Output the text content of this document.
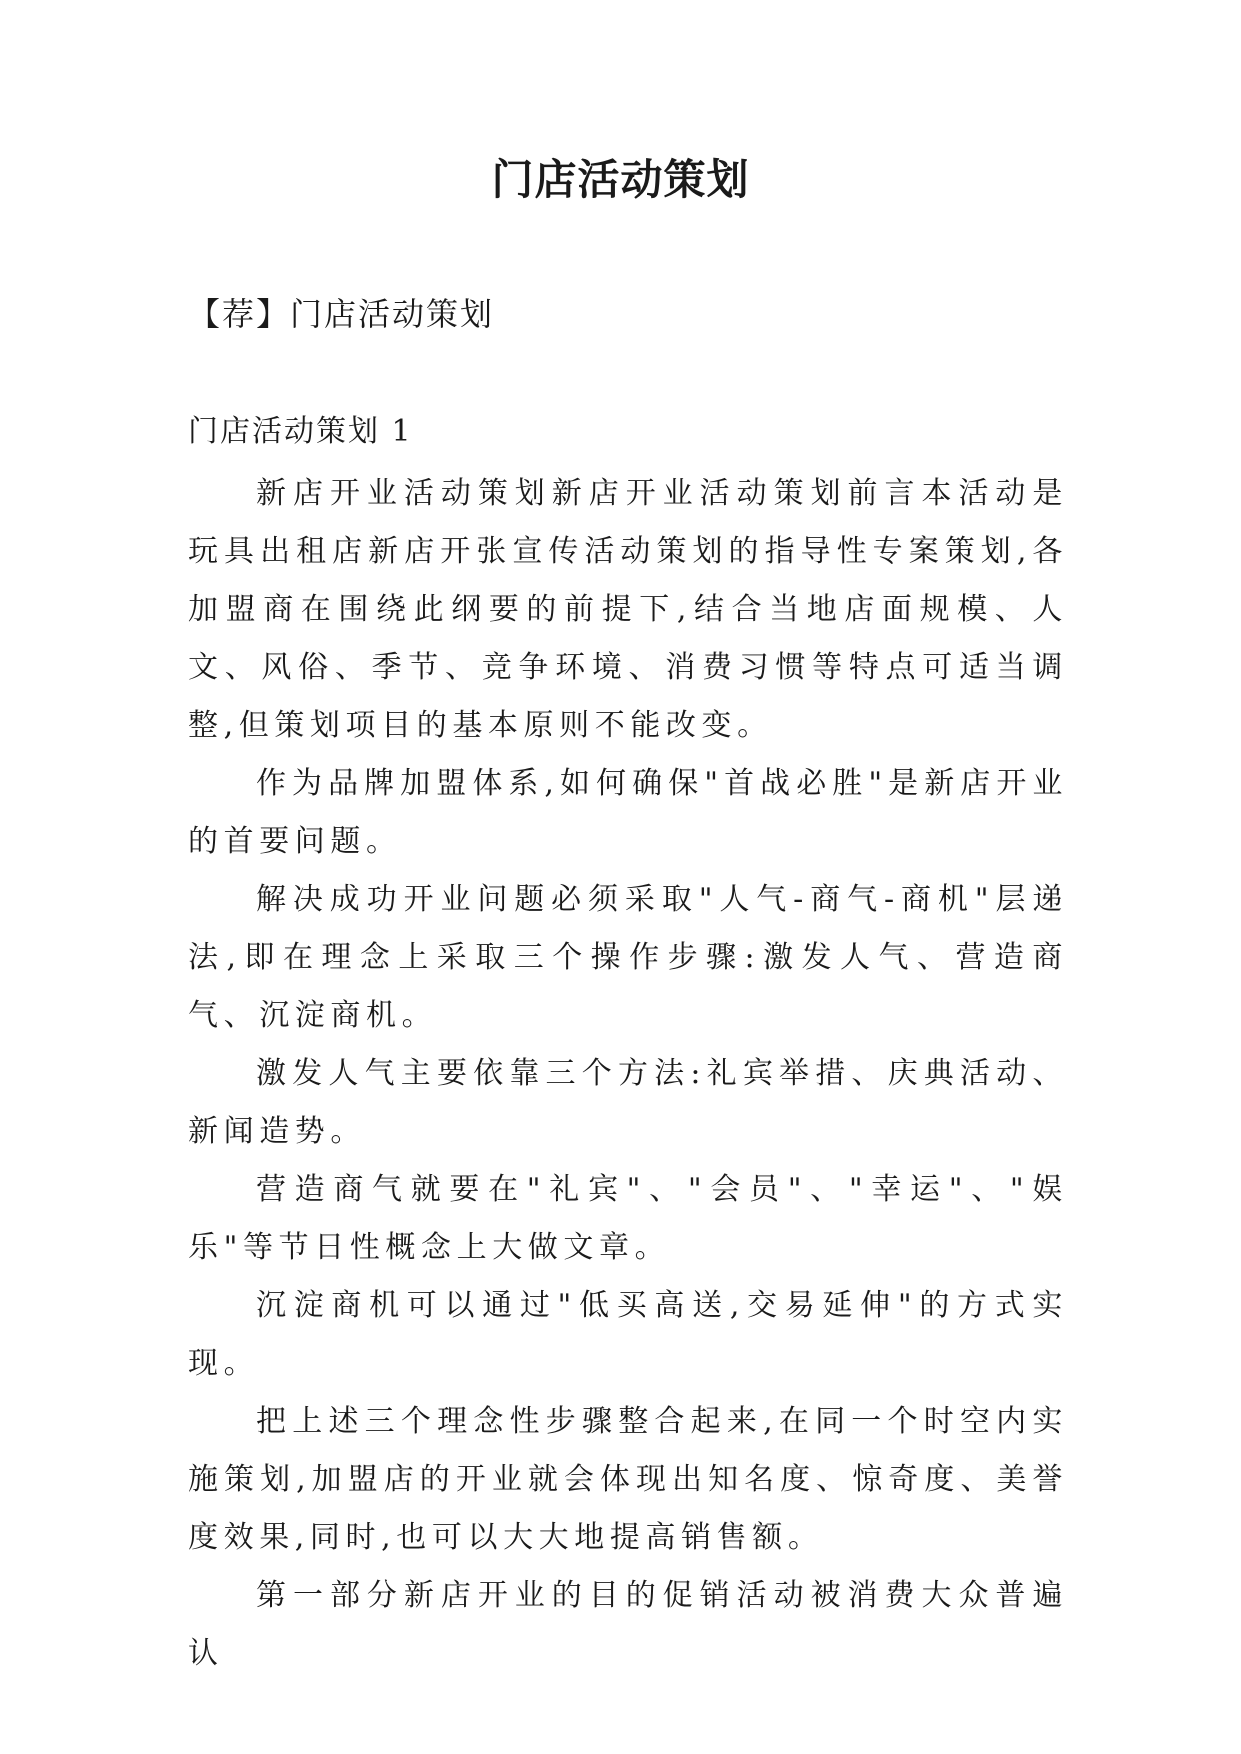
门店活动策划
【荐】门店活动策划
门店活动策划 1

新店开业活动策划新店开业活动策划前言本活动是玩具出租店新店开张宣传活动策划的指导性专案策划,各加盟商在围绕此纲要的前提下,结合当地店面规模、人文、风俗、季节、竞争环境、消费习惯等特点可适当调整,但策划项目的基本原则不能改变。

作为品牌加盟体系,如何确保"首战必胜"是新店开业的首要问题。

解决成功开业问题必须采取"人气-商气-商机"层递法,即在理念上采取三个操作步骤:激发人气、营造商气、沉淀商机。

激发人气主要依靠三个方法:礼宾举措、庆典活动、新闻造势。

营造商气就要在"礼宾"、"会员"、"幸运"、"娱乐"等节日性概念上大做文章。

沉淀商机可以通过"低买高送,交易延伸"的方式实现。

把上述三个理念性步骤整合起来,在同一个时空内实施策划,加盟店的开业就会体现出知名度、惊奇度、美誉度效果,同时,也可以大大地提高销售额。

第一部分新店开业的目的促销活动被消费大众普遍认
